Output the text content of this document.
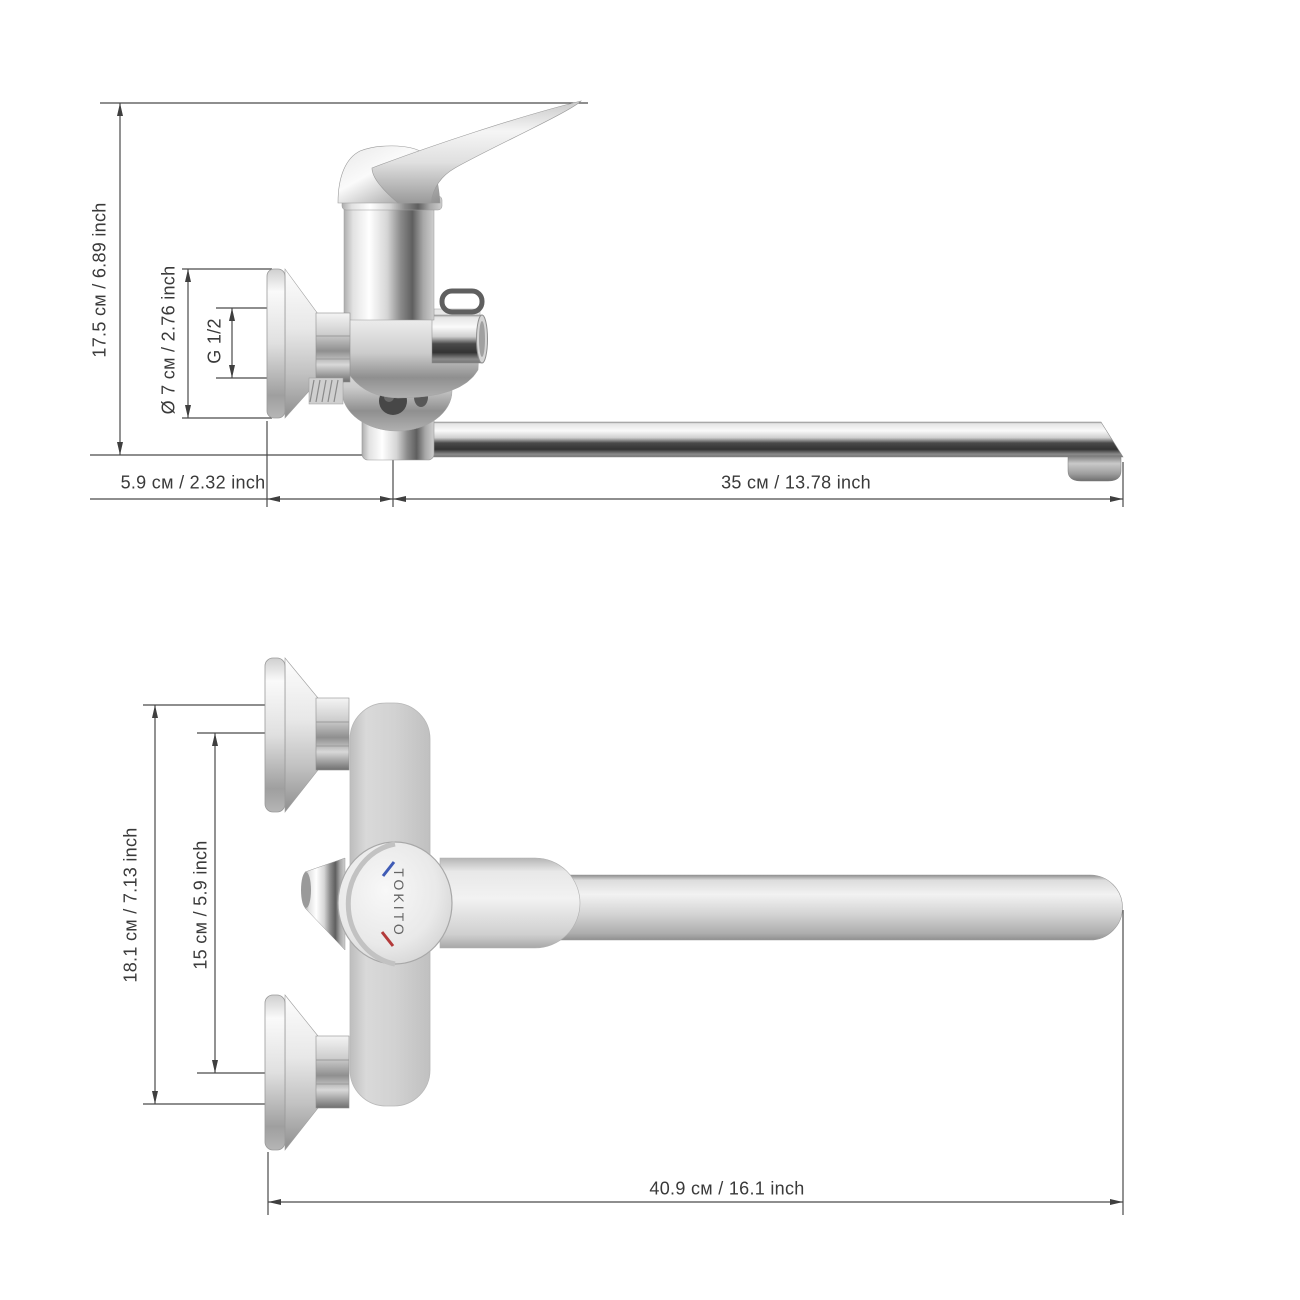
17.5 см / 6.89 inch	Ø 7 см / 2.76 inch G 1/2
5.9 см / 2.32 inch	35 см / 13.78 inch
18.1 см / 7.13 inch	15 см / 5.9 inch
40.9 см / 16.1 inch
TOKITO
